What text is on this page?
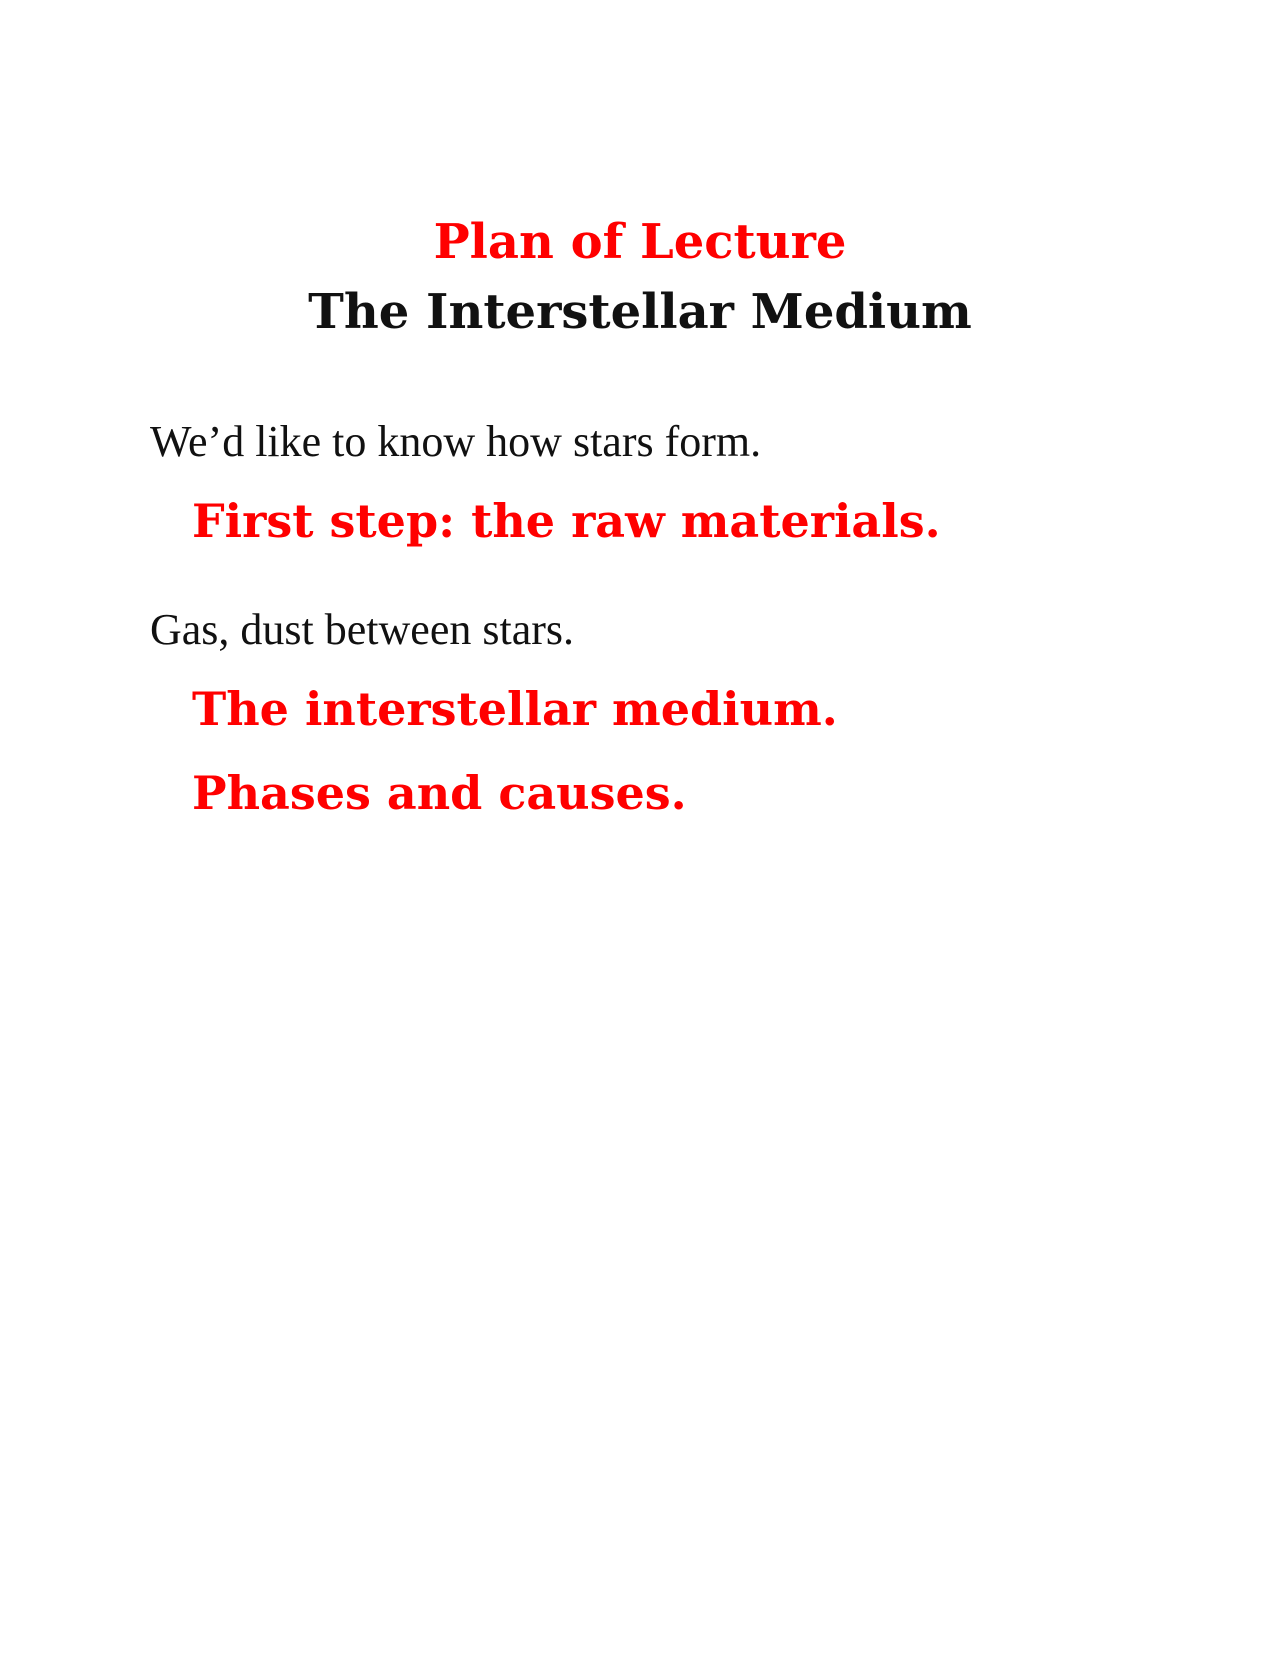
Plan of Lecture
The Interstellar Medium
We’d like to know how stars form.
First step: the raw materials.
Gas, dust between stars.
The interstellar medium.
Phases and causes.
